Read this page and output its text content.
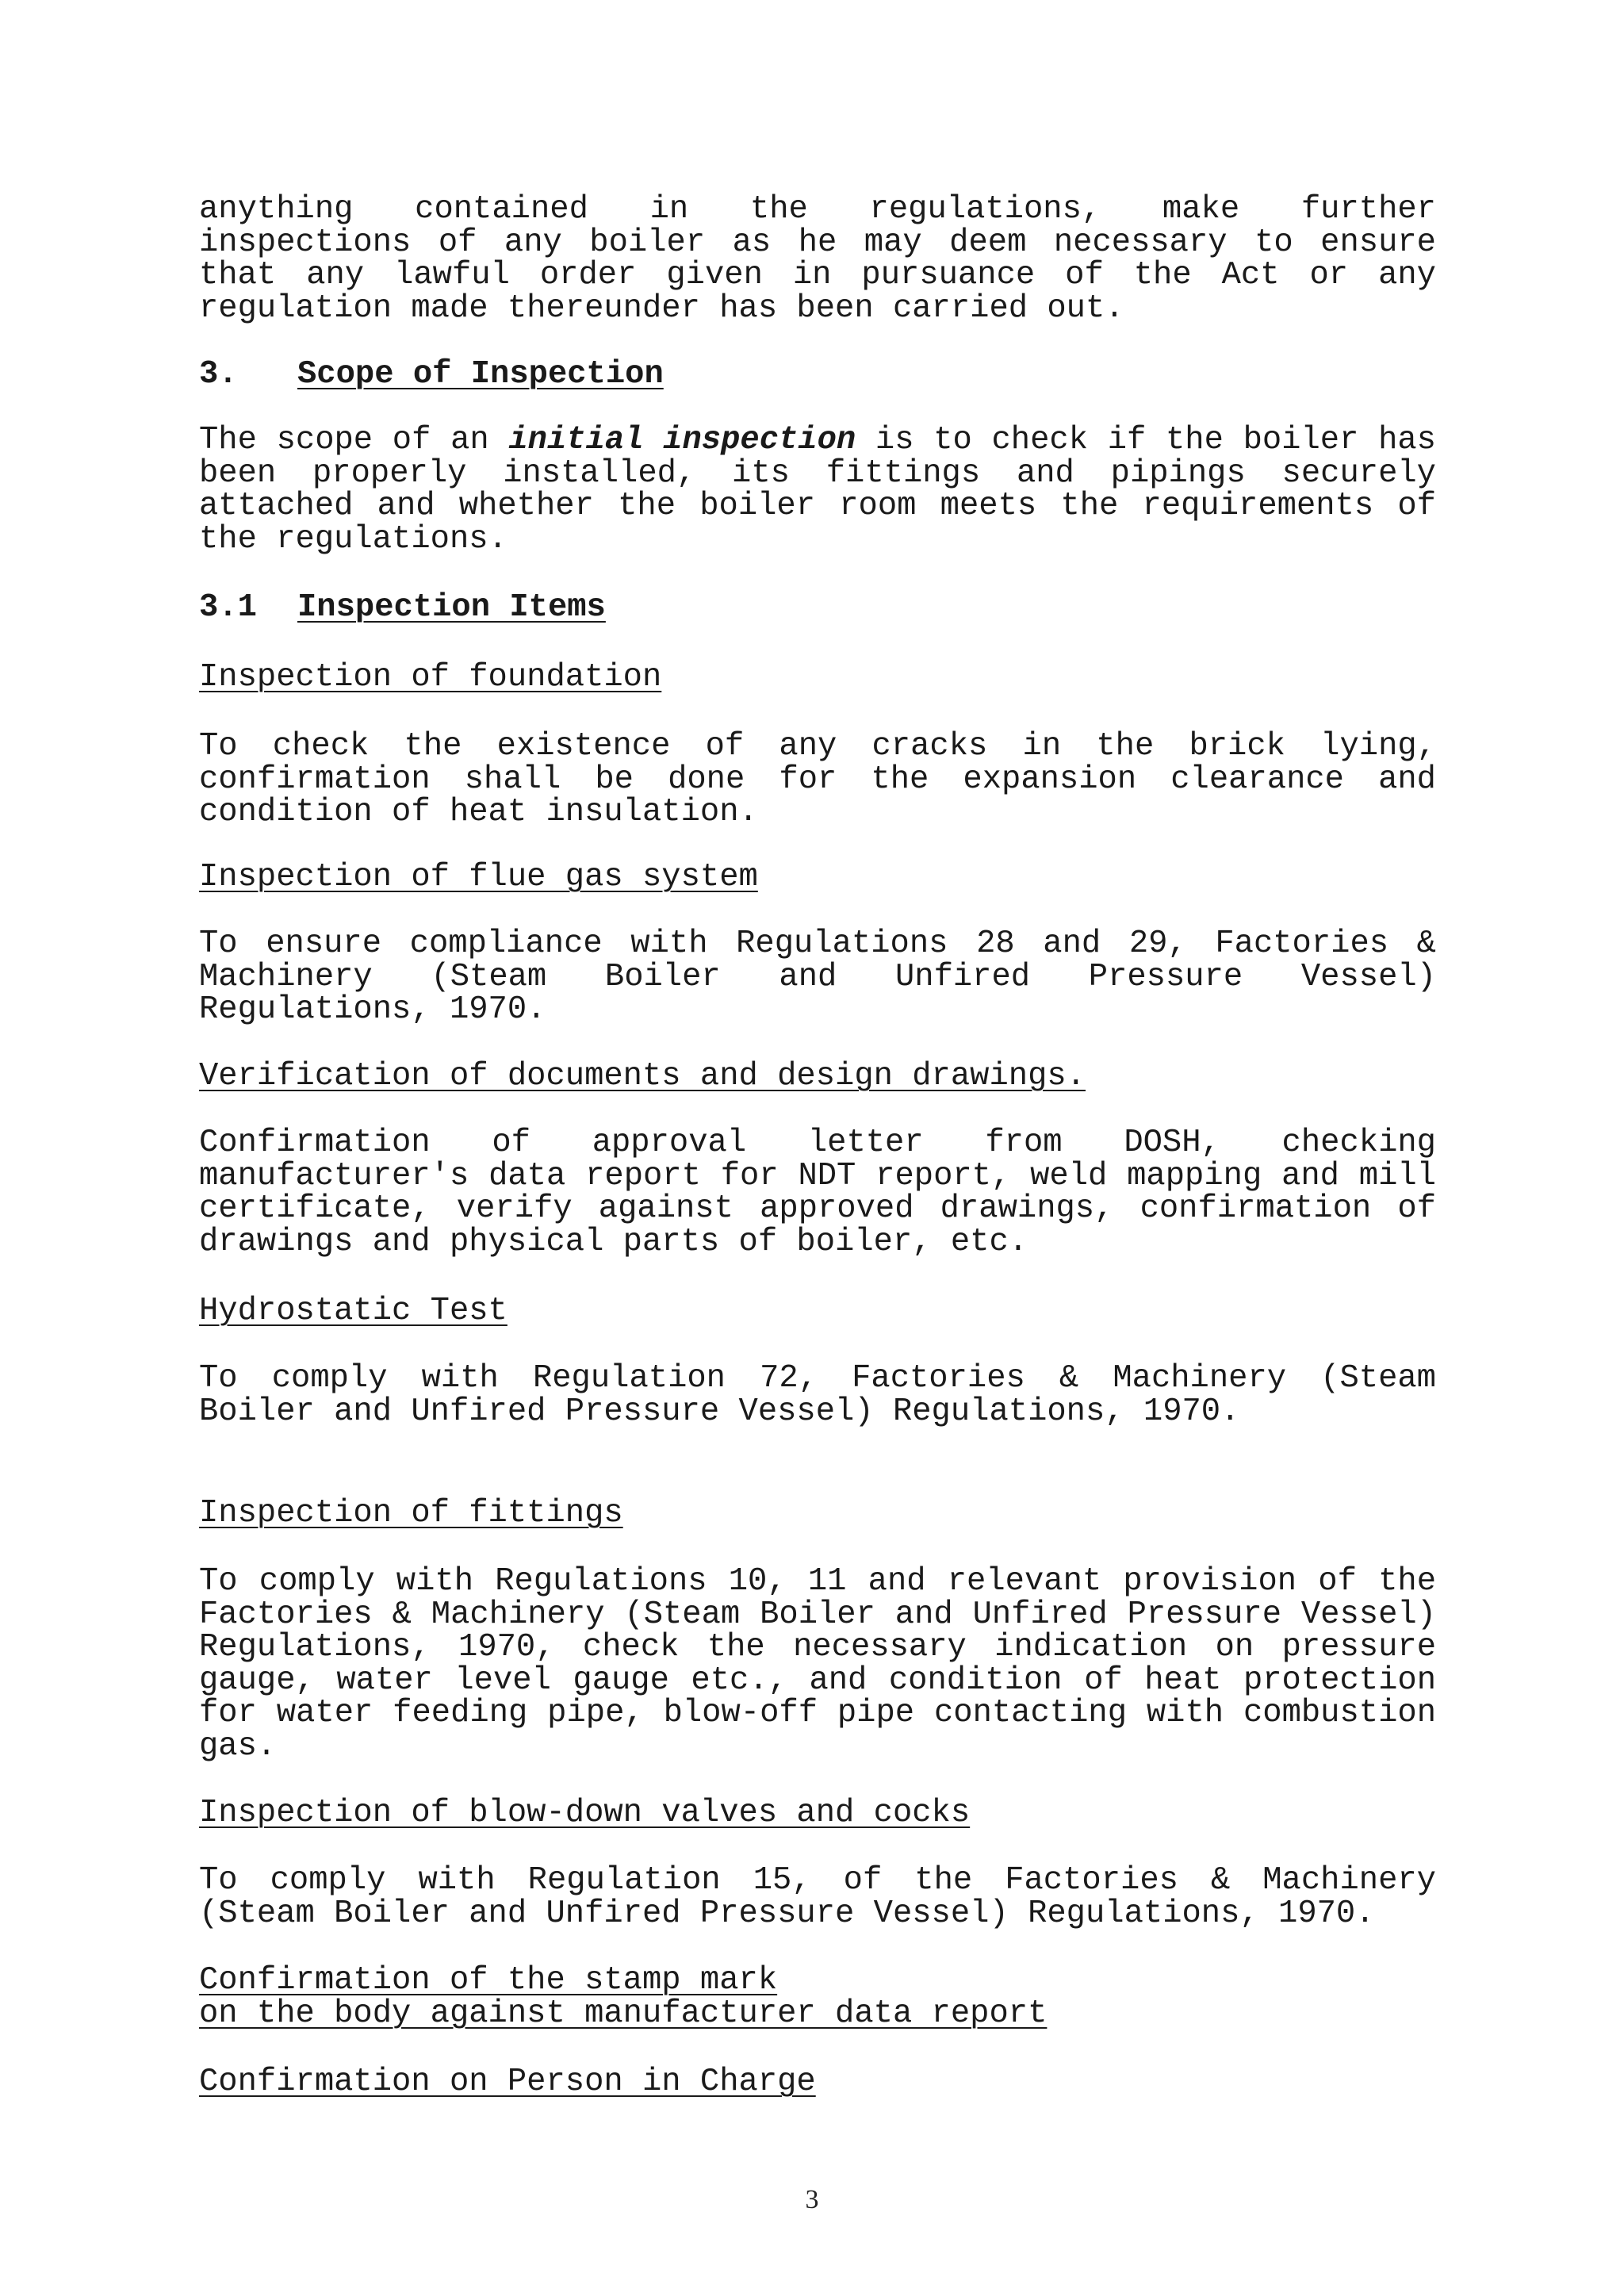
anything contained in the regulations, make further

inspections of any boiler as he may deem necessary to ensure

that any lawful order given in pursuance of the Act or any

regulation made thereunder has been carried out.

3.	Scope of Inspection

The scope of an initial inspection is to check if the boiler has been properly installed, its fittings and pipings securely attached and whether the boiler room meets the requirements of the regulations.

3.1	Inspection Items

Inspection of foundation

To check the existence of any cracks in the brick lying, confirmation shall be done for the expansion clearance and condition of heat insulation.

Inspection of flue gas system

To ensure compliance with Regulations 28 and 29, Factories & Machinery (Steam Boiler and Unfired Pressure Vessel) Regulations, 1970.

Verification of documents and design drawings.

Confirmation of approval letter from DOSH, checking manufacturer's data report for NDT report, weld mapping and mill certificate, verify against approved drawings, confirmation of drawings and physical parts of boiler, etc.

Hydrostatic Test

To comply with Regulation 72, Factories & Machinery (Steam Boiler and Unfired Pressure Vessel) Regulations, 1970.

Inspection of fittings

To comply with Regulations 10, 11 and relevant provision of the Factories & Machinery (Steam Boiler and Unfired Pressure Vessel) Regulations, 1970, check the necessary indication on pressure gauge, water level gauge etc., and condition of heat protection for water feeding pipe, blow-off pipe contacting with combustion gas.

Inspection of blow-down valves and cocks

To comply with Regulation 15, of the Factories & Machinery (Steam Boiler and Unfired Pressure Vessel) Regulations, 1970.

Confirmation of the stamp mark

on the body against manufacturer data report

Confirmation on Person in Charge

3
